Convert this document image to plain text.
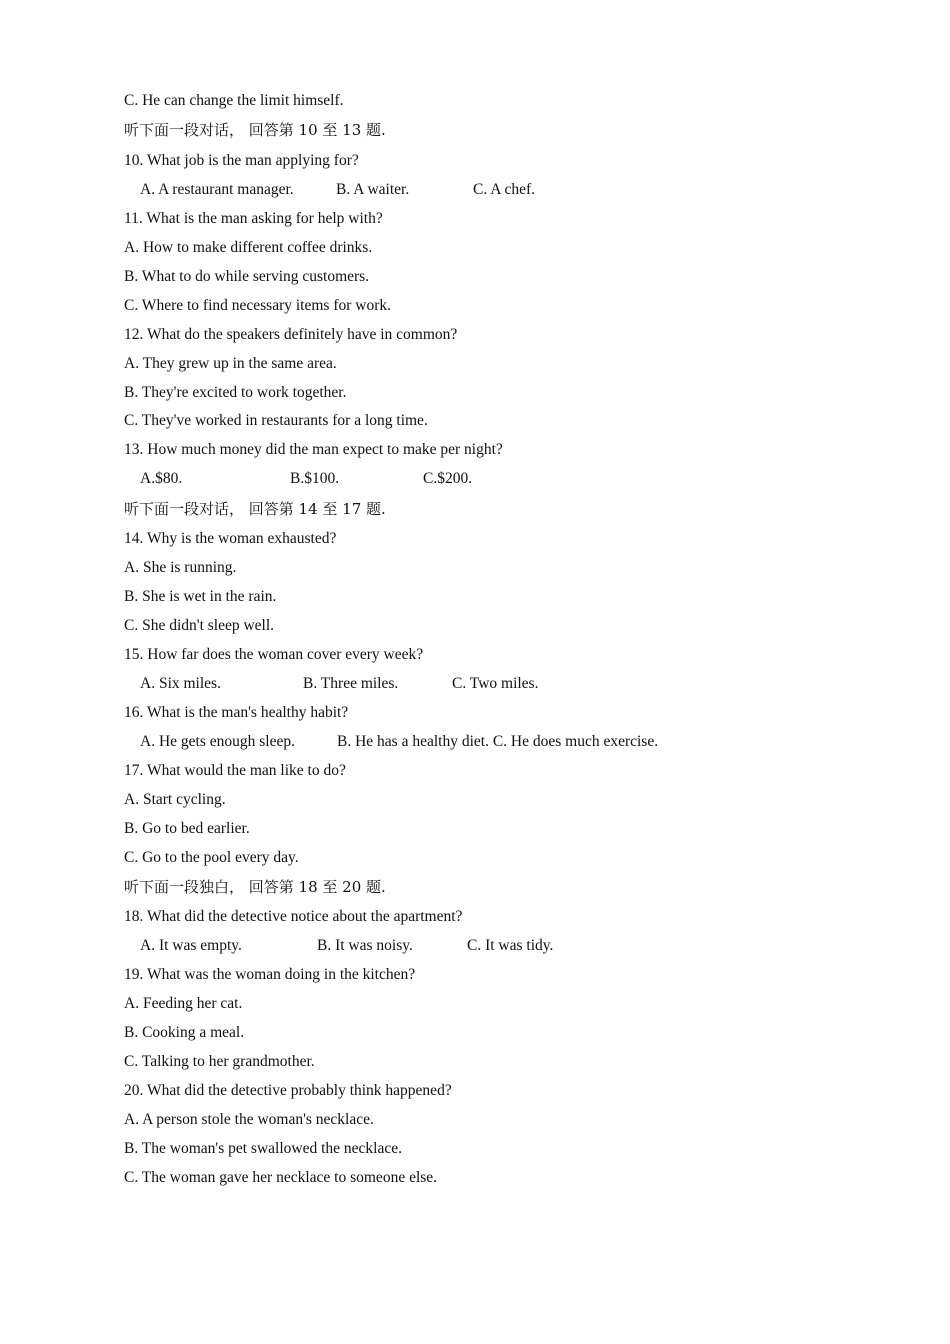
C. He can change the limit himself.
听下面一段对话， 回答第 10 至 13 题.
10. What job is the man applying for?
A. A restaurant manager.	B. A waiter.	C. A chef.
11. What is the man asking for help with?
A. How to make different coffee drinks.
B. What to do while serving customers.
C. Where to find necessary items for work.
12. What do the speakers definitely have in common?
A. They grew up in the same area.
B. They're excited to work together.
C. They've worked in restaurants for a long time.
13. How much money did the man expect to make per night?
A.$80.	B.$100.	C.$200.
听下面一段对话， 回答第 14 至 17 题.
14. Why is the woman exhausted?
A. She is running.
B. She is wet in the rain.
C. She didn't sleep well.
15. How far does the woman cover every week?
A. Six miles.	B. Three miles.	C. Two miles.
16. What is the man's healthy habit?
A. He gets enough sleep.	B. He has a healthy diet. C. He does much exercise.
17. What would the man like to do?
A. Start cycling.
B. Go to bed earlier.
C. Go to the pool every day.
听下面一段独白， 回答第 18 至 20 题.
18. What did the detective notice about the apartment?
A. It was empty.	B. It was noisy.	C. It was tidy.
19. What was the woman doing in the kitchen?
A. Feeding her cat.
B. Cooking a meal.
C. Talking to her grandmother.
20. What did the detective probably think happened?
A. A person stole the woman's necklace.
B. The woman's pet swallowed the necklace.
C. The woman gave her necklace to someone else.
